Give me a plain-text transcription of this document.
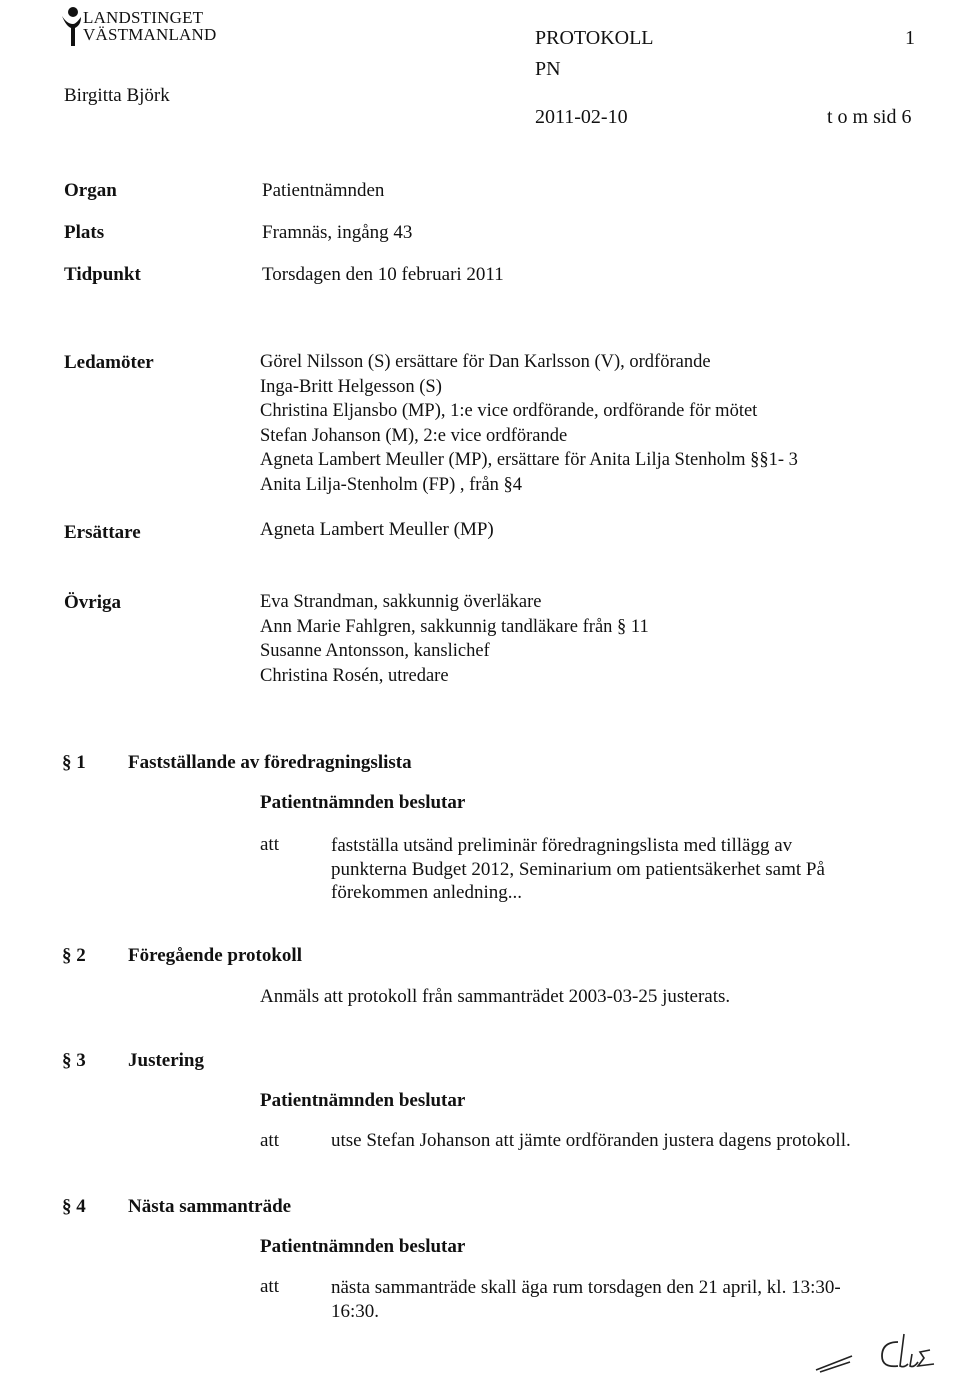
LANDSTINGET
VÄSTMANLAND
Birgitta Björk
PROTOKOLL	1
PN
2011-02-10	t o m sid 6
Organ	Patientnämnden
Plats	Framnäs, ingång 43
Tidpunkt	Torsdagen den 10 februari 2011
Ledamöter	Görel Nilsson (S) ersättare för Dan Karlsson (V), ordförande
Inga-Britt Helgesson (S)
Christina Eljansbo (MP), 1:e vice ordförande, ordförande för mötet
Stefan Johanson (M), 2:e vice ordförande
Agneta Lambert Meuller (MP), ersättare för Anita Lilja Stenholm §§1- 3
Anita Lilja-Stenholm (FP) , från §4
Ersättare	Agneta Lambert Meuller (MP)
Övriga	Eva Strandman, sakkunnig överläkare
Ann Marie Fahlgren, sakkunnig tandläkare från § 11
Susanne Antonsson, kanslichef
Christina Rosén, utredare
§ 1 Fastställande av föredragningslista
Patientnämnden beslutar
att	fastställa utsänd preliminär föredragningslista med tillägg av
punkterna Budget 2012, Seminarium om patientsäkerhet samt På
förekommen anledning...
§ 2 Föregående protokoll
Anmäls att protokoll från sammanträdet 2003-03-25 justerats.
§ 3 Justering
Patientnämnden beslutar
att	utse Stefan Johanson att jämte ordföranden justera dagens protokoll.
§ 4 Nästa sammanträde
Patientnämnden beslutar
att	nästa sammanträde skall äga rum torsdagen den 21 april, kl. 13:30-
16:30.
